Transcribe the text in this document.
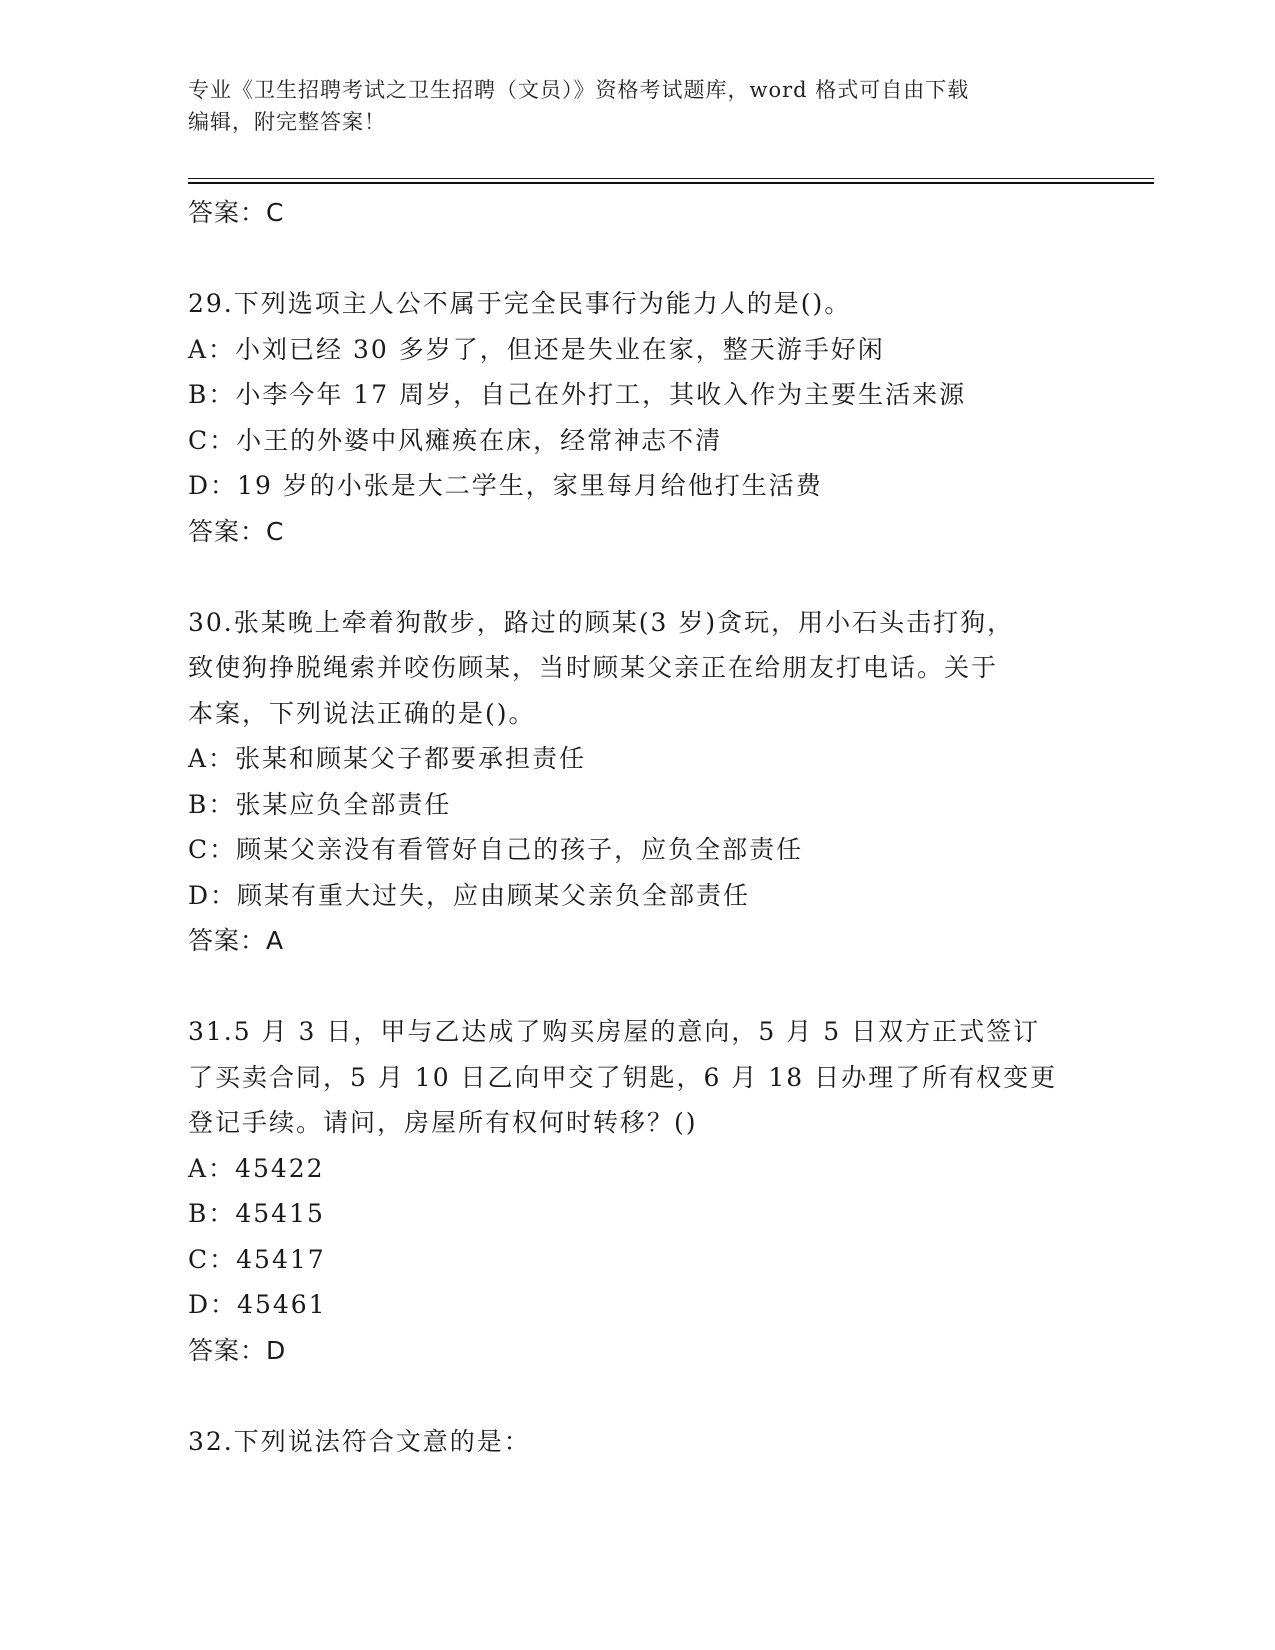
专业《卫生招聘考试之卫生招聘（文员）》资格考试题库，word 格式可自由下载
编辑，附完整答案！
答案：C
29.下列选项主人公不属于完全民事行为能力人的是()。
A：小刘已经 30 多岁了，但还是失业在家，整天游手好闲
B：小李今年 17 周岁，自己在外打工，其收入作为主要生活来源
C：小王的外婆中风瘫痪在床，经常神志不清
D：19 岁的小张是大二学生，家里每月给他打生活费
答案：C
30.张某晚上牵着狗散步，路过的顾某(3 岁)贪玩，用小石头击打狗，
致使狗挣脱绳索并咬伤顾某，当时顾某父亲正在给朋友打电话。关于
本案，下列说法正确的是()。
A：张某和顾某父子都要承担责任
B：张某应负全部责任
C：顾某父亲没有看管好自己的孩子，应负全部责任
D：顾某有重大过失，应由顾某父亲负全部责任
答案：A
31.5 月 3 日，甲与乙达成了购买房屋的意向，5 月 5 日双方正式签订
了买卖合同，5 月 10 日乙向甲交了钥匙，6 月 18 日办理了所有权变更
登记手续。请问，房屋所有权何时转移？()
A：45422
B：45415
C：45417
D：45461
答案：D
32.下列说法符合文意的是：
